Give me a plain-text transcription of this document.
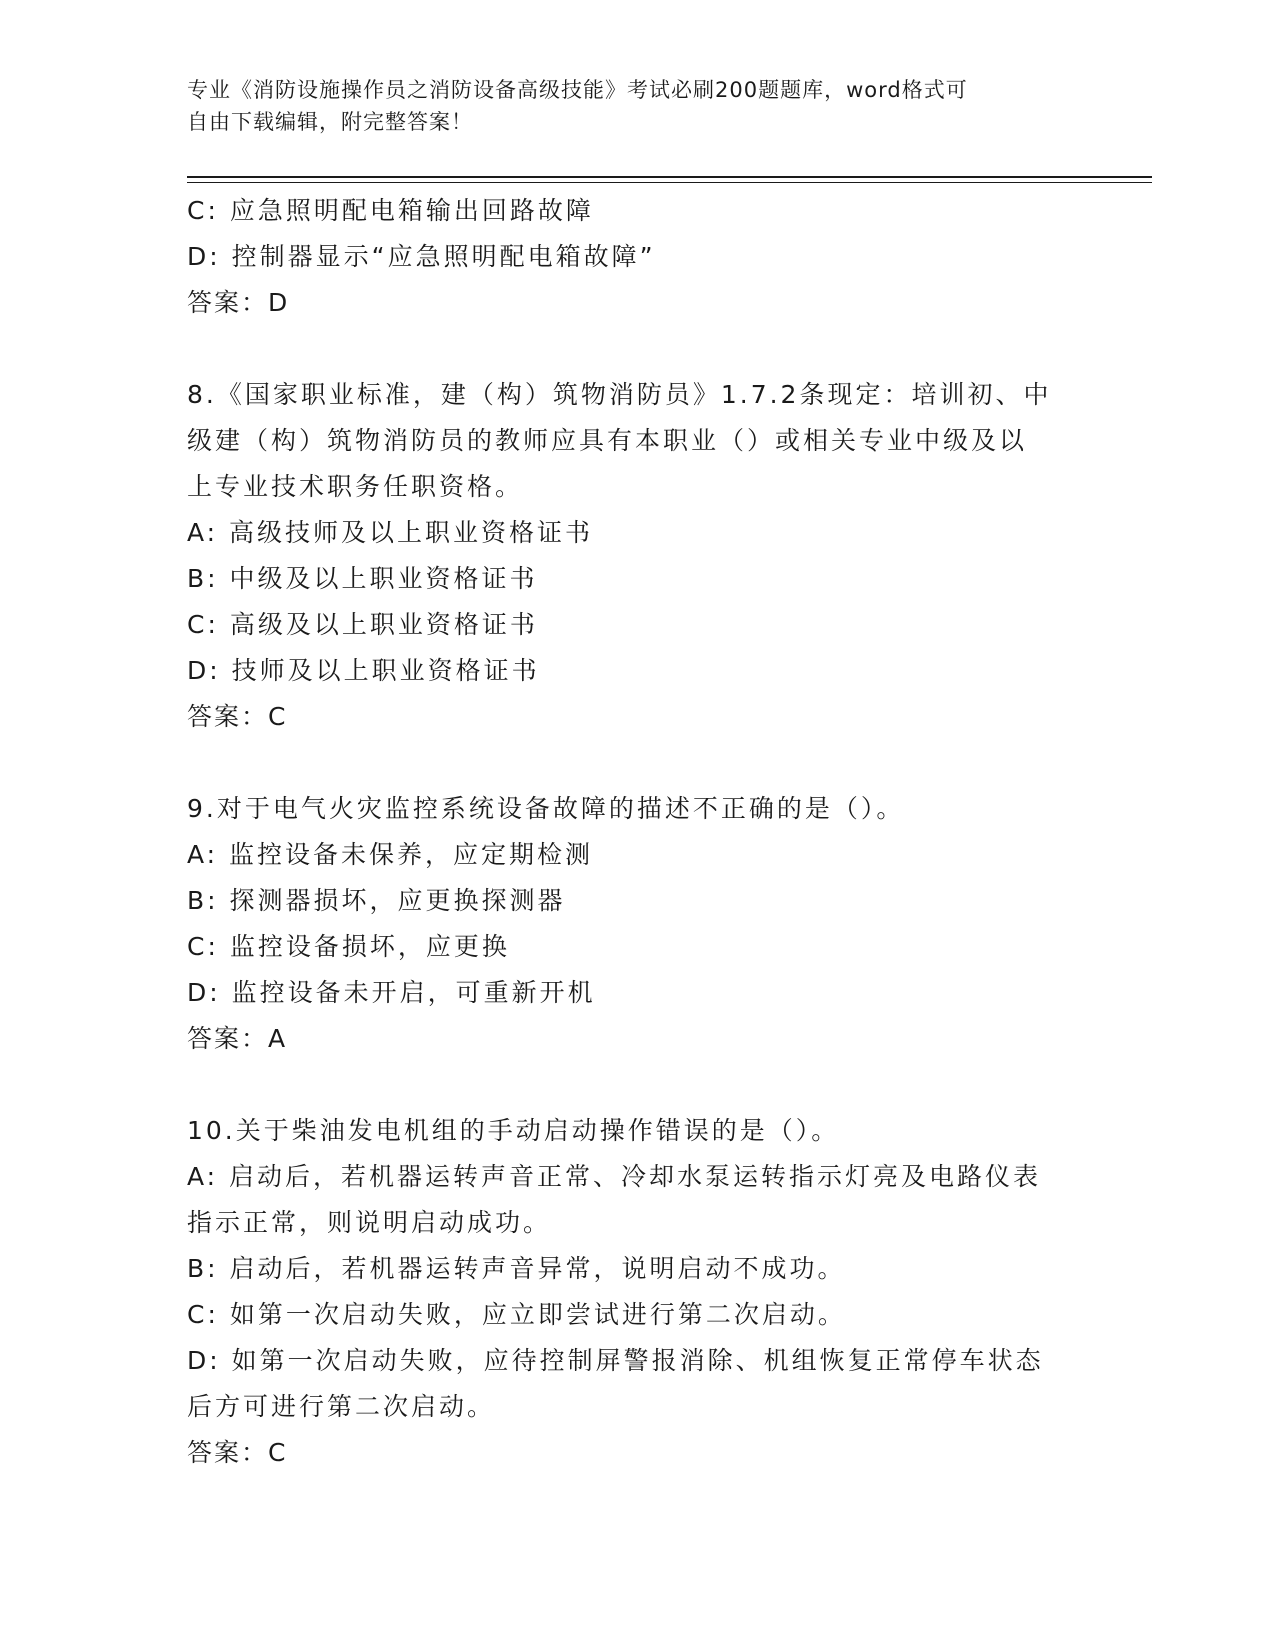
专业《消防设施操作员之消防设备高级技能》考试必刷200题题库，word格式可
自由下载编辑，附完整答案！
C: 应急照明配电箱输出回路故障
D: 控制器显示“应急照明配电箱故障”
答案：D
8.《国家职业标准，建（构）筑物消防员》1.7.2条现定：培训初、中
级建（构）筑物消防员的教师应具有本职业（）或相关专业中级及以
上专业技术职务任职资格。
A: 高级技师及以上职业资格证书
B: 中级及以上职业资格证书
C: 高级及以上职业资格证书
D: 技师及以上职业资格证书
答案：C
9.对于电气火灾监控系统设备故障的描述不正确的是（）。
A: 监控设备未保养，应定期检测
B: 探测器损坏，应更换探测器
C: 监控设备损坏，应更换
D: 监控设备未开启，可重新开机
答案：A
10.关于柴油发电机组的手动启动操作错误的是（）。
A: 启动后，若机器运转声音正常、冷却水泵运转指示灯亮及电路仪表
指示正常，则说明启动成功。
B: 启动后，若机器运转声音异常，说明启动不成功。
C: 如第一次启动失败，应立即尝试进行第二次启动。
D: 如第一次启动失败，应待控制屏警报消除、机组恢复正常停车状态
后方可进行第二次启动。
答案：C
